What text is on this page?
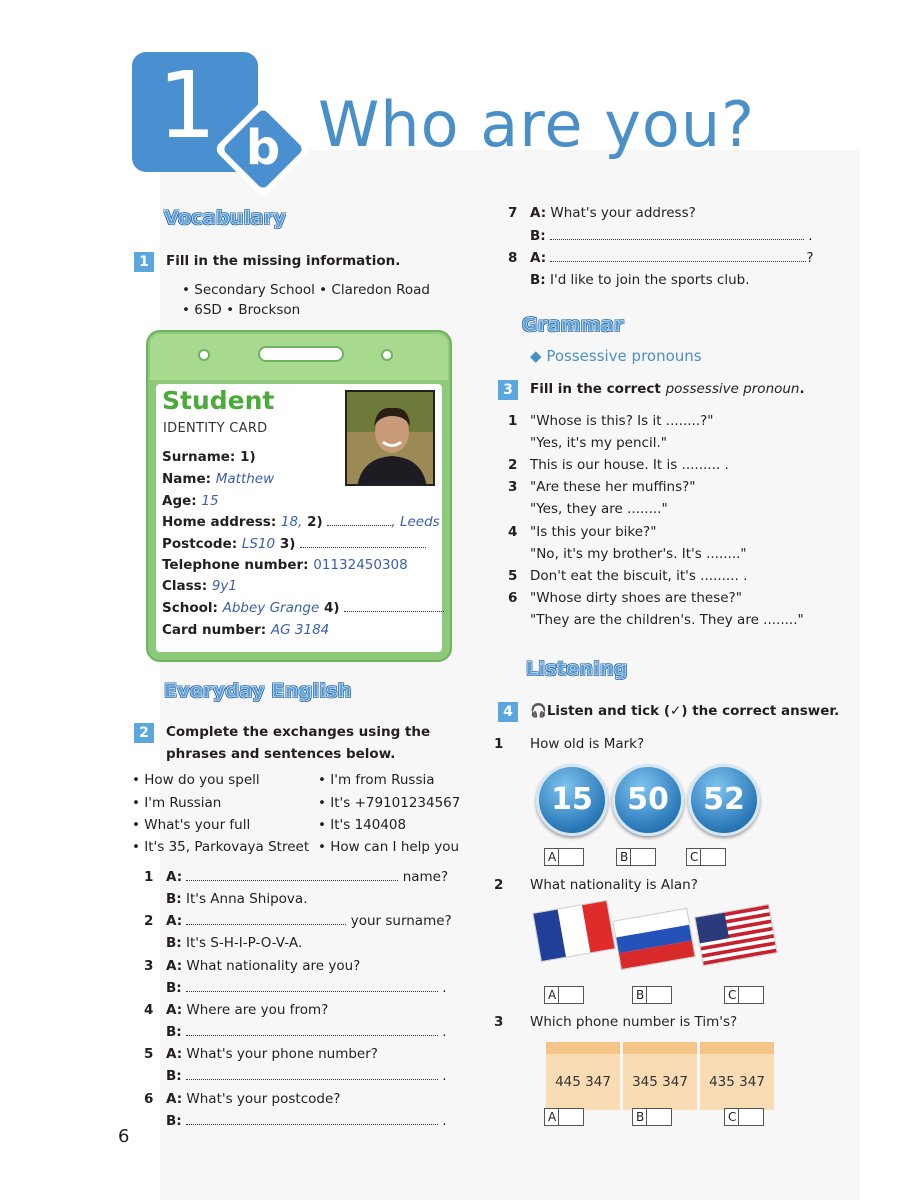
1 b Who are you?
Vocabulary
1	Fill in the missing information.
• Secondary School • Claredon Road
• 6SD • Brockson
Student
IDENTITY CARD
Surname: 1)
Name: Matthew
Age: 15
Home address: 18, 2)	, Leeds
Postcode: LS10 3)
Telephone number: 01132450308
Class: 9y1
School: Abbey Grange 4)
Card number: AG 3184
Everyday English
2	Complete the exchanges using the
phrases and sentences below.
• How do you spell
• I'm Russian
• What's your full
• It's 35, Parkovaya Street
• I'm from Russia
• It's +79101234567
• It's 140408
• How can I help you
1 A:	name?
B: It's Anna Shipova.
2 A:	your surname?
B: It's S-H-I-P-O-V-A.
3 A: What nationality are you?
B:	.
4 A: Where are you from?
B:	.
5 A: What's your phone number?
B:	.
6 A: What's your postcode?
B:	.
7 A: What's your address?
B:	.
8 A:	?
B: I'd like to join the sports club.
Grammar
◆ Possessive pronouns
3	Fill in the correct possessive pronoun.
1 "Whose is this? Is it ........?"
"Yes, it's my pencil."
2 This is our house. It is ......... .
3 "Are these her muffins?"
"Yes, they are ........"
4 "Is this your bike?"
"No, it's my brother's. It's ........"
5 Don't eat the biscuit, it's ......... .
6 "Whose dirty shoes are these?"
"They are the children's. They are ........"
Listening
4	🎧Listen and tick (✓) the correct answer.
1 How old is Mark?
15	50	52
A	B	C
2 What nationality is Alan?
A	B	C
3 Which phone number is Tim's?
445 347	345 347	435 347
A	B	C
6
